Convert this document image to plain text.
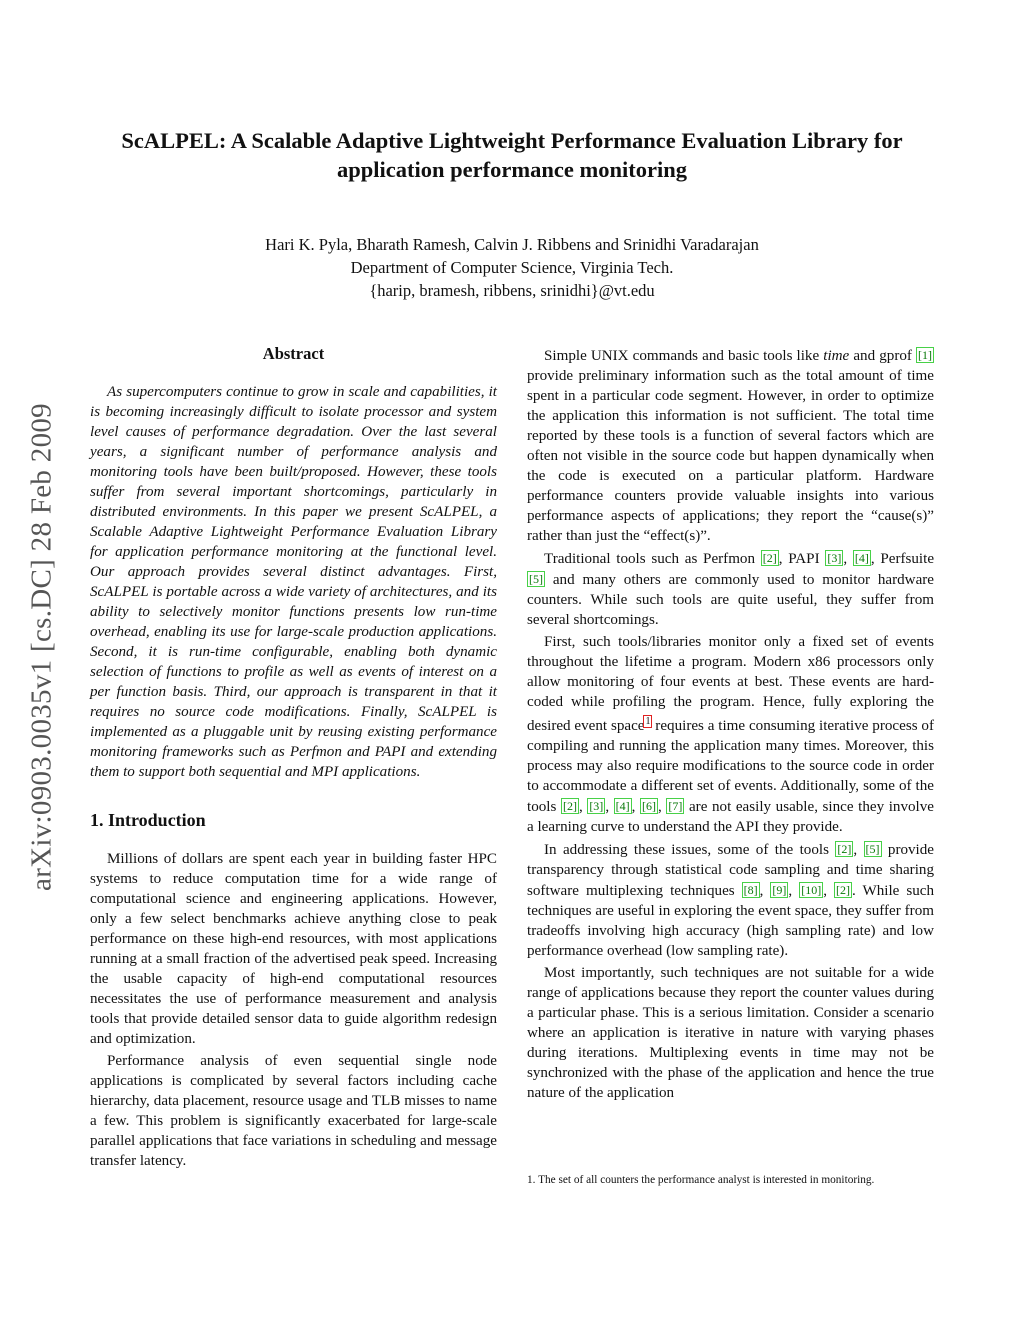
ScALPEL: A Scalable Adaptive Lightweight Performance Evaluation Library for application performance monitoring
Hari K. Pyla, Bharath Ramesh, Calvin J. Ribbens and Srinidhi Varadarajan
Department of Computer Science, Virginia Tech.
{harip, bramesh, ribbens, srinidhi}@vt.edu
arXiv:0903.0035v1 [cs.DC] 28 Feb 2009
Abstract

As supercomputers continue to grow in scale and capabilities, it is becoming increasingly difficult to isolate processor and system level causes of performance degradation. Over the last several years, a significant number of performance analysis and monitoring tools have been built/proposed. However, these tools suffer from several important shortcomings, particularly in distributed environments. In this paper we present ScALPEL, a Scalable Adaptive Lightweight Performance Evaluation Library for application performance monitoring at the functional level. Our approach provides several distinct advantages. First, ScALPEL is portable across a wide variety of architectures, and its ability to selectively monitor functions presents low run-time overhead, enabling its use for large-scale production applications. Second, it is run-time configurable, enabling both dynamic selection of functions to profile as well as events of interest on a per function basis. Third, our approach is transparent in that it requires no source code modifications. Finally, ScALPEL is implemented as a pluggable unit by reusing existing performance monitoring frameworks such as Perfmon and PAPI and extending them to support both sequential and MPI applications.

1. Introduction

Millions of dollars are spent each year in building faster HPC systems to reduce computation time for a wide range of computational science and engineering applications. However, only a few select benchmarks achieve anything close to peak performance on these high-end resources, with most applications running at a small fraction of the advertised peak speed. Increasing the usable capacity of high-end computational resources necessitates the use of performance measurement and analysis tools that provide detailed sensor data to guide algorithm redesign and optimization.

Performance analysis of even sequential single node applications is complicated by several factors including cache hierarchy, data placement, resource usage and TLB misses to name a few. This problem is significantly exacerbated for large-scale parallel applications that face variations in scheduling and message transfer latency.

Simple UNIX commands and basic tools like time and gprof [1] provide preliminary information such as the total amount of time spent in a particular code segment. However, in order to optimize the application this information is not sufficient. The total time reported by these tools is a function of several factors which are often not visible in the source code but happen dynamically when the code is executed on a particular platform. Hardware performance counters provide valuable insights into various performance aspects of applications; they report the “cause(s)” rather than just the “effect(s)”.

Traditional tools such as Perfmon [2] , PAPI [3] , [4] , Perfsuite [5] and many others are commonly used to monitor hardware counters. While such tools are quite useful, they suffer from several shortcomings.

First, such tools/libraries monitor only a fixed set of events throughout the lifetime a program. Modern x86 processors only allow monitoring of four events at best. These events are hard-coded while profiling the program. Hence, fully exploring the desired event space$^1$ requires a time consuming iterative process of compiling and running the application many times. Moreover, this process may also require modifications to the source code in order to accommodate a different set of events. Additionally, some of the tools [2] , [3] , [4] , [6] , [7] are not easily usable, since they involve a learning curve to understand the API they provide.

In addressing these issues, some of the tools [2] , [5] provide transparency through statistical code sampling and time sharing software multiplexing techniques [8] , [9] , [10] , [2] . While such techniques are useful in exploring the event space, they suffer from tradeoffs involving high accuracy (high sampling rate) and low performance overhead (low sampling rate).

Most importantly, such techniques are not suitable for a wide range of applications because they report the counter values during a particular phase. This is a serious limitation. Consider a scenario where an application is iterative in nature with varying phases during iterations. Multiplexing events in time may not be synchronized with the phase of the application and hence the true nature of the application

1. The set of all counters the performance analyst is interested in monitoring.
